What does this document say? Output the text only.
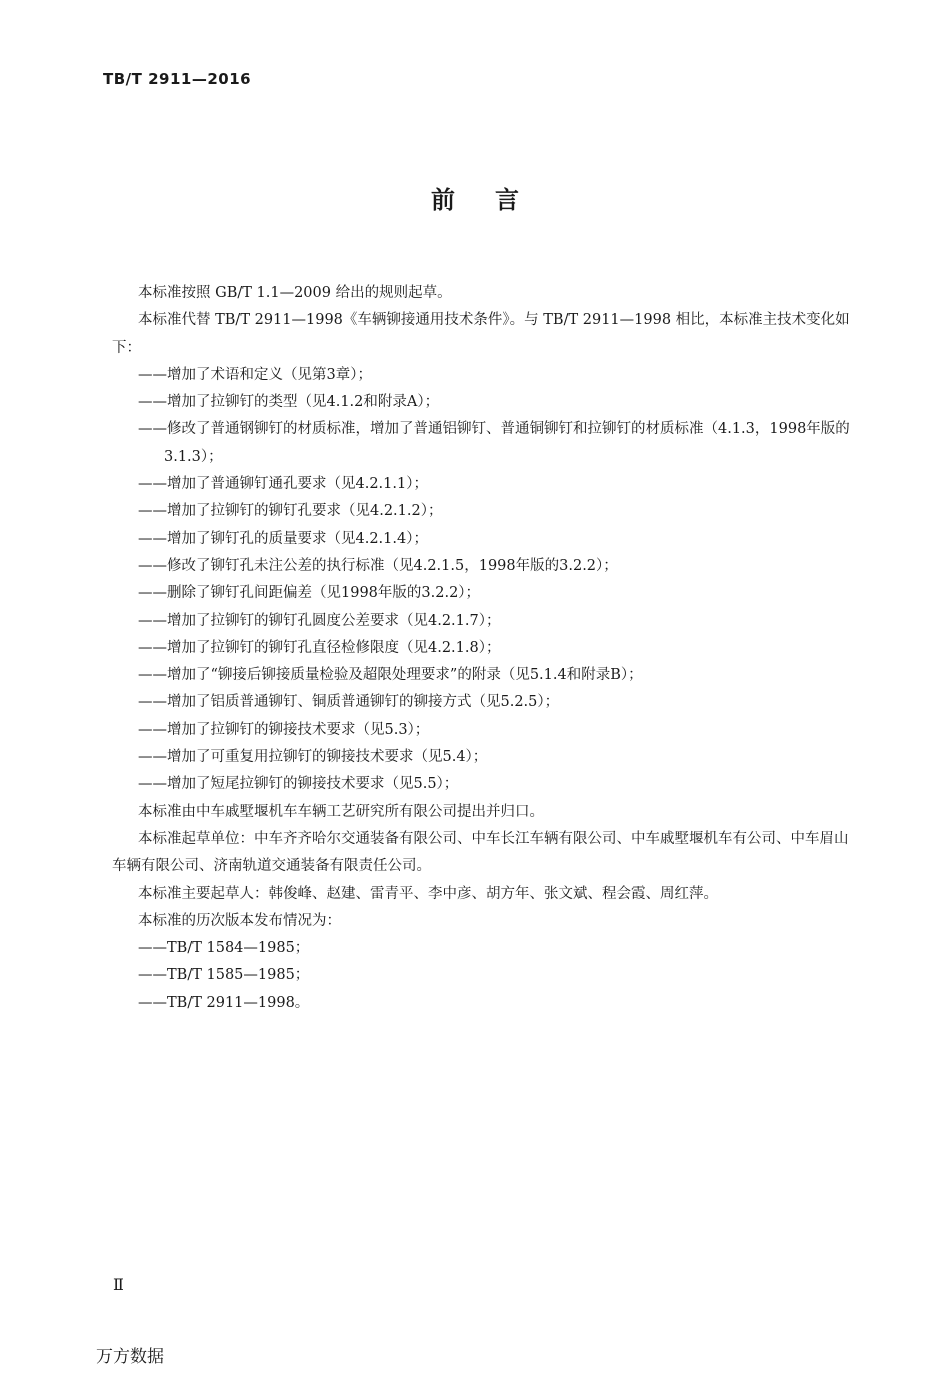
TB/T 2911—2016
前言

本标准按照 GB/T 1.1—2009 给出的规则起草。

本标准代替 TB/T 2911—1998《车辆铆接通用技术条件》。与 TB/T 2911—1998 相比，本标准主技术变化如下：

——增加了术语和定义（见第3章）；

——增加了拉铆钉的类型（见4.1.2和附录A）；

——修改了普通钢铆钉的材质标准，增加了普通铝铆钉、普通铜铆钉和拉铆钉的材质标准（4.1.3，1998年版的3.1.3）；

——增加了普通铆钉通孔要求（见4.2.1.1）；

——增加了拉铆钉的铆钉孔要求（见4.2.1.2）；

——增加了铆钉孔的质量要求（见4.2.1.4）；

——修改了铆钉孔未注公差的执行标准（见4.2.1.5，1998年版的3.2.2）；

——删除了铆钉孔间距偏差（见1998年版的3.2.2）；

——增加了拉铆钉的铆钉孔圆度公差要求（见4.2.1.7）；

——增加了拉铆钉的铆钉孔直径检修限度（见4.2.1.8）；

——增加了“铆接后铆接质量检验及超限处理要求”的附录（见5.1.4和附录B）；

——增加了铝质普通铆钉、铜质普通铆钉的铆接方式（见5.2.5）；

——增加了拉铆钉的铆接技术要求（见5.3）；

——增加了可重复用拉铆钉的铆接技术要求（见5.4）；

——增加了短尾拉铆钉的铆接技术要求（见5.5）；

本标准由中车戚墅堰机车车辆工艺研究所有限公司提出并归口。

本标准起草单位：中车齐齐哈尔交通装备有限公司、中车长江车辆有限公司、中车戚墅堰机车有公司、中车眉山车辆有限公司、济南轨道交通装备有限责任公司。

本标准主要起草人：韩俊峰、赵建、雷青平、李中彦、胡方年、张文斌、程会霞、周红萍。

本标准的历次版本发布情况为：

——TB/T 1584—1985；

——TB/T 1585—1985；

——TB/T 2911—1998。

Ⅱ
万方数据
